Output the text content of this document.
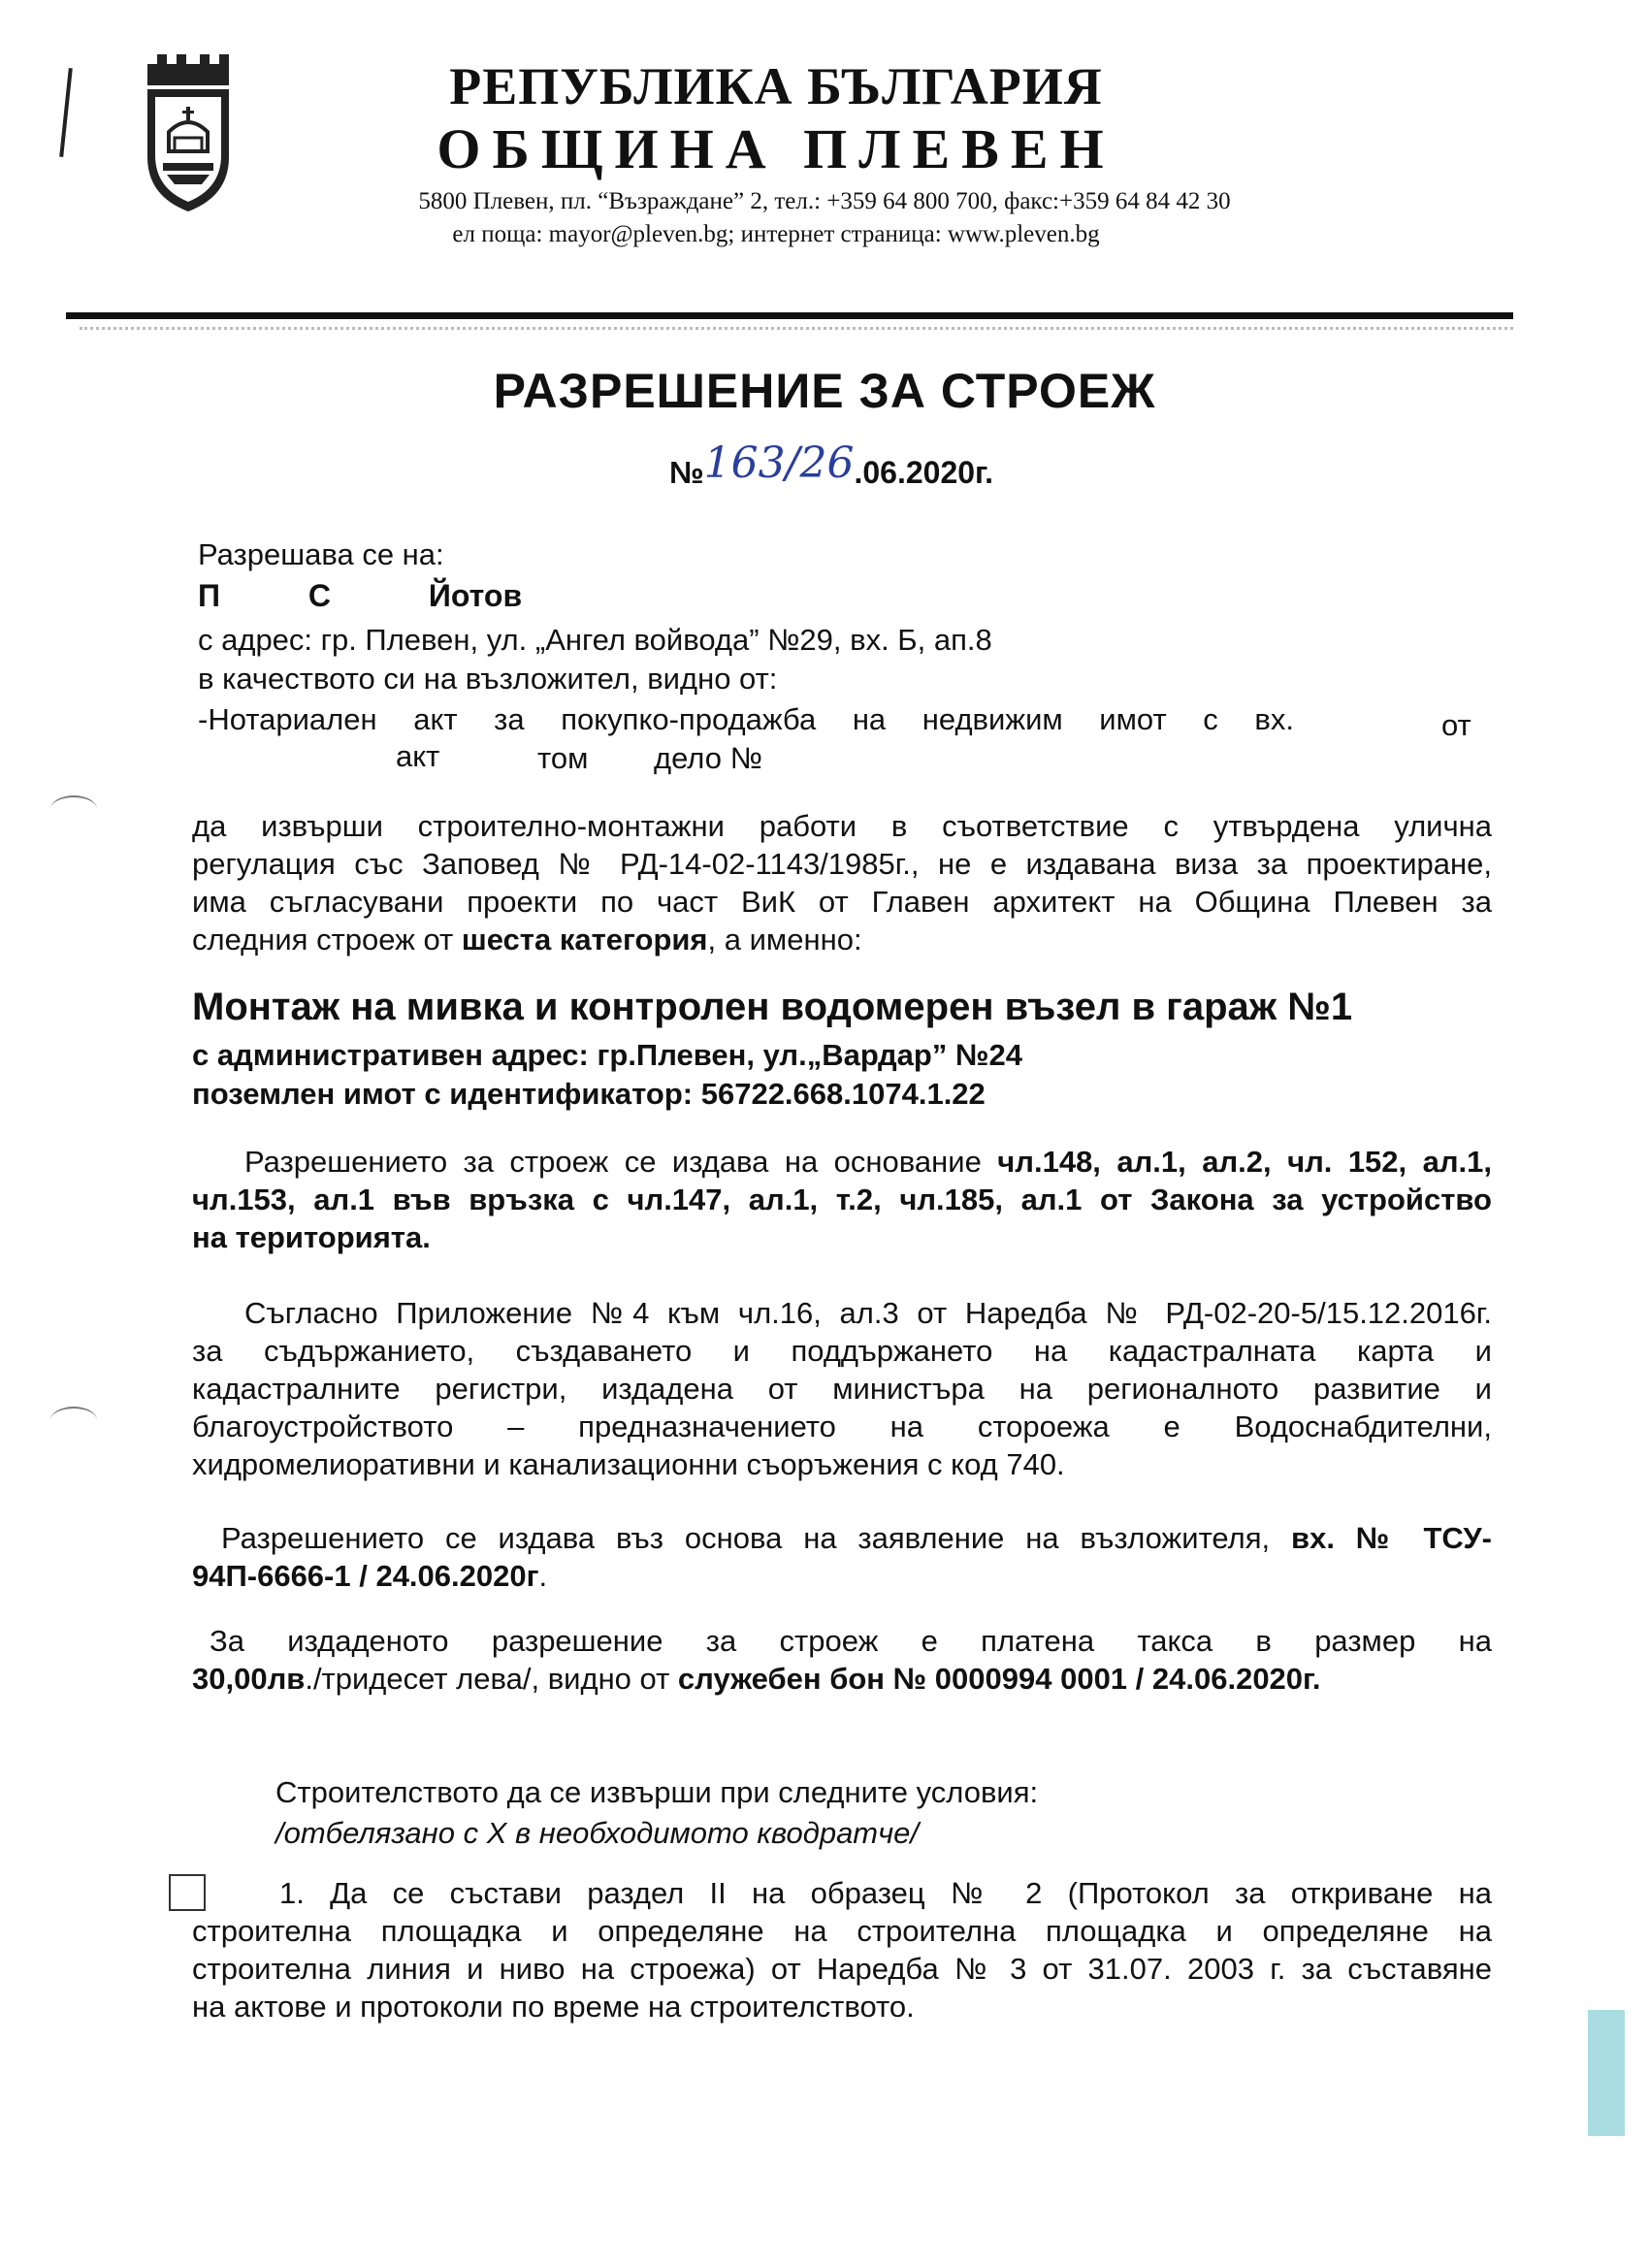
РЕПУБЛИКА БЪЛГАРИЯ
ОБЩИНА ПЛЕВЕН
5800 Плевен, пл. “Възраждане” 2, тел.: +359 64 800 700, факс:+359 64 84 42 30
ел поща: mayor@pleven.bg; интернет страница: www.pleven.bg
РАЗРЕШЕНИЕ ЗА СТРОЕЖ
№163/26.06.2020г.
Разрешава се на:
П	С	Йотов
с адрес: гр. Плевен, ул. „Ангел войвода” №29, вх. Б, ап.8
в качеството си на възложител, видно от:
-Нотариален акт за покупко-продажба на недвижим имот с вх.	от
акт	том дело №
да извърши строително-монтажни работи в съответствие с утвърдена улична
регулация със Заповед № РД-14-02-1143/1985г., не е издавана виза за проектиране,
има съгласувани проекти по част ВиК от Главен архитект на Община Плевен за
следния строеж от шеста категория, а именно:
Монтаж на мивка и контролен водомерен възел в гараж №1
с административен адрес: гр.Плевен, ул.„Вардар” №24
поземлен имот с идентификатор: 56722.668.1074.1.22
Разрешението за строеж се издава на основание чл.148, ал.1, ал.2, чл. 152, ал.1,
чл.153, ал.1 във връзка с чл.147, ал.1, т.2, чл.185, ал.1 от Закона за устройство
на територията.
Съгласно Приложение №4 към чл.16, ал.3 от Наредба № РД-02-20-5/15.12.2016г.
за съдържанието, създаването и поддържането на кадастралната карта и
кадастралните регистри, издадена от министъра на регионалното развитие и
благоустройството – предназначението на стороежа е Водоснабдителни,
хидромелиоративни и канализационни съоръжения с код 740.
Разрешението се издава въз основа на заявление на възложителя, вх. № ТСУ-
94П-6666-1 / 24.06.2020г.
За издаденото разрешение за строеж е платена такса в размер на
30,00лв./тридесет лева/, видно от служебен бон № 0000994 0001 / 24.06.2020г.
Строителството да се извърши при следните условия:
/отбелязано с Х в необходимото кводратче/
1. Да се състави раздел II на образец № 2 (Протокол за откриване на
строителна площадка и определяне на строителна площадка и определяне на
строителна линия и ниво на строежа) от Наредба № 3 от 31.07. 2003 г. за съставяне
на актове и протоколи по време на строителството.
